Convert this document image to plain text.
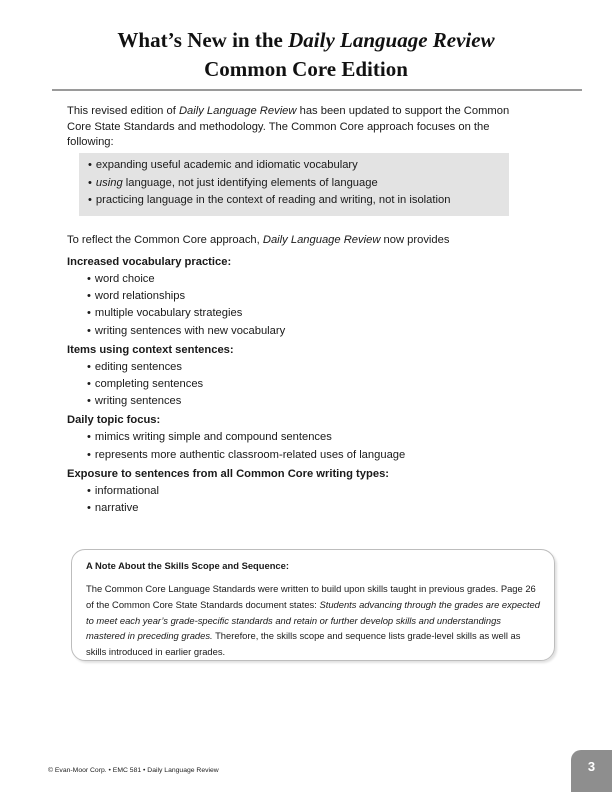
What’s New in the Daily Language Review
Common Core Edition

This revised edition of Daily Language Review has been updated to support the Common Core State Standards and methodology. The Common Core approach focuses on the following:

• expanding useful academic and idiomatic vocabulary
• using language, not just identifying elements of language
• practicing language in the context of reading and writing, not in isolation

To reflect the Common Core approach, Daily Language Review now provides

Increased vocabulary practice:

• word choice
• word relationships
• multiple vocabulary strategies
• writing sentences with new vocabulary

Items using context sentences:

• editing sentences
• completing sentences
• writing sentences

Daily topic focus:

• mimics writing simple and compound sentences
• represents more authentic classroom-related uses of language

Exposure to sentences from all Common Core writing types:

• informational
• narrative

A Note About the Skills Scope and Sequence:

The Common Core Language Standards were written to build upon skills taught in previous grades. Page 26 of the Common Core State Standards document states: Students advancing through the grades are expected to meet each year’s grade-specific standards and retain or further develop skills and understandings mastered in preceding grades. Therefore, the skills scope and sequence lists grade-level skills as well as skills introduced in earlier grades.

© Evan-Moor Corp. • EMC 581 • Daily Language Review	3
